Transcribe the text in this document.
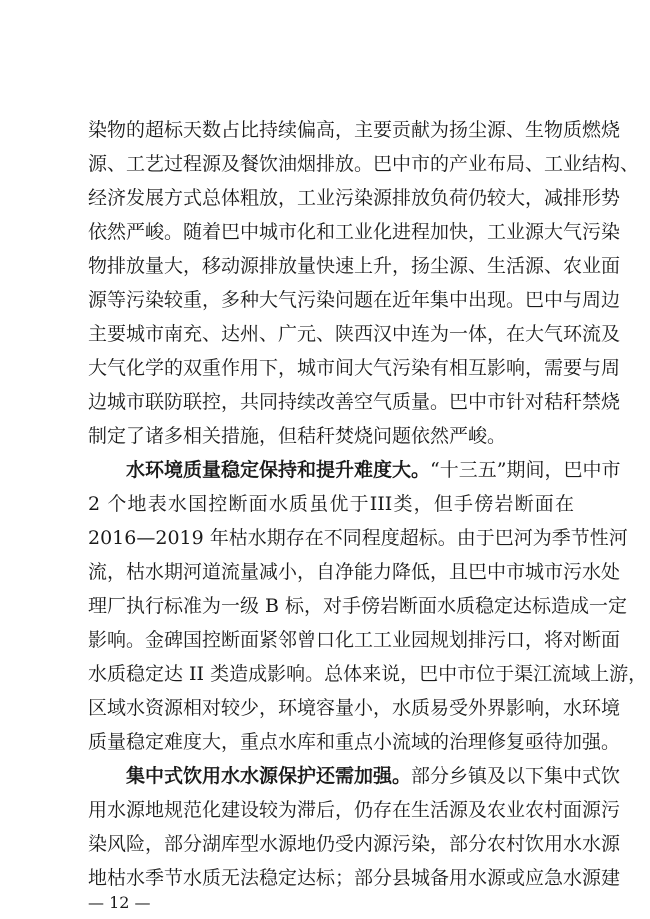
染物的超标天数占比持续偏高，主要贡献为扬尘源、生物质燃烧
源、工艺过程源及餐饮油烟排放。巴中市的产业布局、工业结构、
经济发展方式总体粗放，工业污染源排放负荷仍较大，减排形势
依然严峻。随着巴中城市化和工业化进程加快，工业源大气污染
物排放量大，移动源排放量快速上升，扬尘源、生活源、农业面
源等污染较重，多种大气污染问题在近年集中出现。巴中与周边
主要城市南充、达州、广元、陕西汉中连为一体，在大气环流及
大气化学的双重作用下，城市间大气污染有相互影响，需要与周
边城市联防联控，共同持续改善空气质量。巴中市针对秸秆禁烧
制定了诸多相关措施，但秸秆焚烧问题依然严峻。
水环境质量稳定保持和提升难度大。“十三五”期间，巴中市
2 个地表水国控断面水质虽优于III类，但手傍岩断面在
2016—2019 年枯水期存在不同程度超标。由于巴河为季节性河
流，枯水期河道流量减小，自净能力降低，且巴中市城市污水处
理厂执行标准为一级 B 标，对手傍岩断面水质稳定达标造成一定
影响。金碑国控断面紧邻曾口化工工业园规划排污口，将对断面
水质稳定达 II 类造成影响。总体来说，巴中市位于渠江流域上游，
区域水资源相对较少，环境容量小，水质易受外界影响，水环境
质量稳定难度大，重点水库和重点小流域的治理修复亟待加强。
集中式饮用水水源保护还需加强。部分乡镇及以下集中式饮
用水源地规范化建设较为滞后，仍存在生活源及农业农村面源污
染风险，部分湖库型水源地仍受内源污染，部分农村饮用水水源
地枯水季节水质无法稳定达标；部分县城备用水源或应急水源建
— 12 —
